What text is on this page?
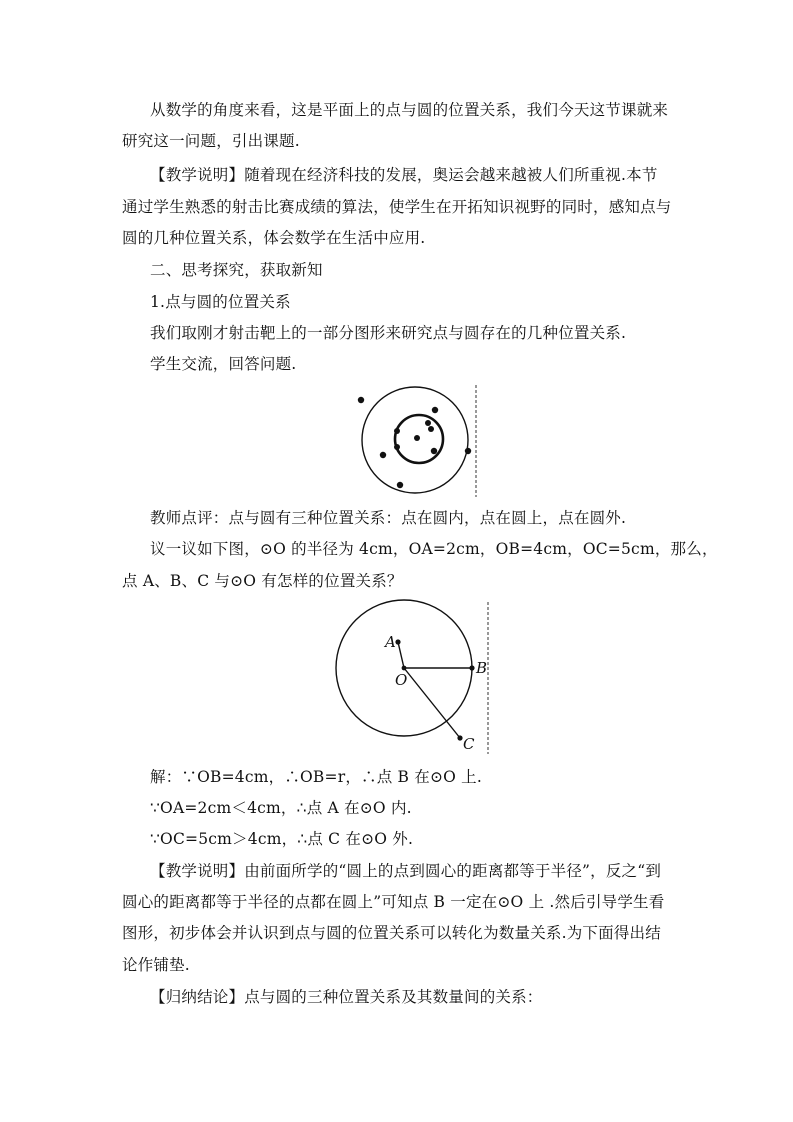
从数学的角度来看，这是平面上的点与圆的位置关系，我们今天这节课就来
研究这一问题，引出课题.
【教学说明】随着现在经济科技的发展，奥运会越来越被人们所重视.本节
通过学生熟悉的射击比赛成绩的算法，使学生在开拓知识视野的同时，感知点与
圆的几种位置关系，体会数学在生活中应用.
二、思考探究，获取新知
1.点与圆的位置关系
我们取刚才射击靶上的一部分图形来研究点与圆存在的几种位置关系.
学生交流，回答问题.
教师点评：点与圆有三种位置关系：点在圆内，点在圆上，点在圆外.
议一议如下图，⊙O 的半径为 4cm，OA=2cm，OB=4cm，OC=5cm，那么，
点 A、B、C 与⊙O 有怎样的位置关系？
A
B
O
C
解：∵OB=4cm，∴OB=r，∴点 B 在⊙O 上.
∵OA=2cm＜4cm，∴点 A 在⊙O 内.
∵OC=5cm＞4cm，∴点 C 在⊙O 外.
【教学说明】由前面所学的“圆上的点到圆心的距离都等于半径”，反之“到
圆心的距离都等于半径的点都在圆上”可知点 B 一定在⊙O 上 .然后引导学生看
图形，初步体会并认识到点与圆的位置关系可以转化为数量关系.为下面得出结
论作铺垫.
【归纳结论】点与圆的三种位置关系及其数量间的关系：
